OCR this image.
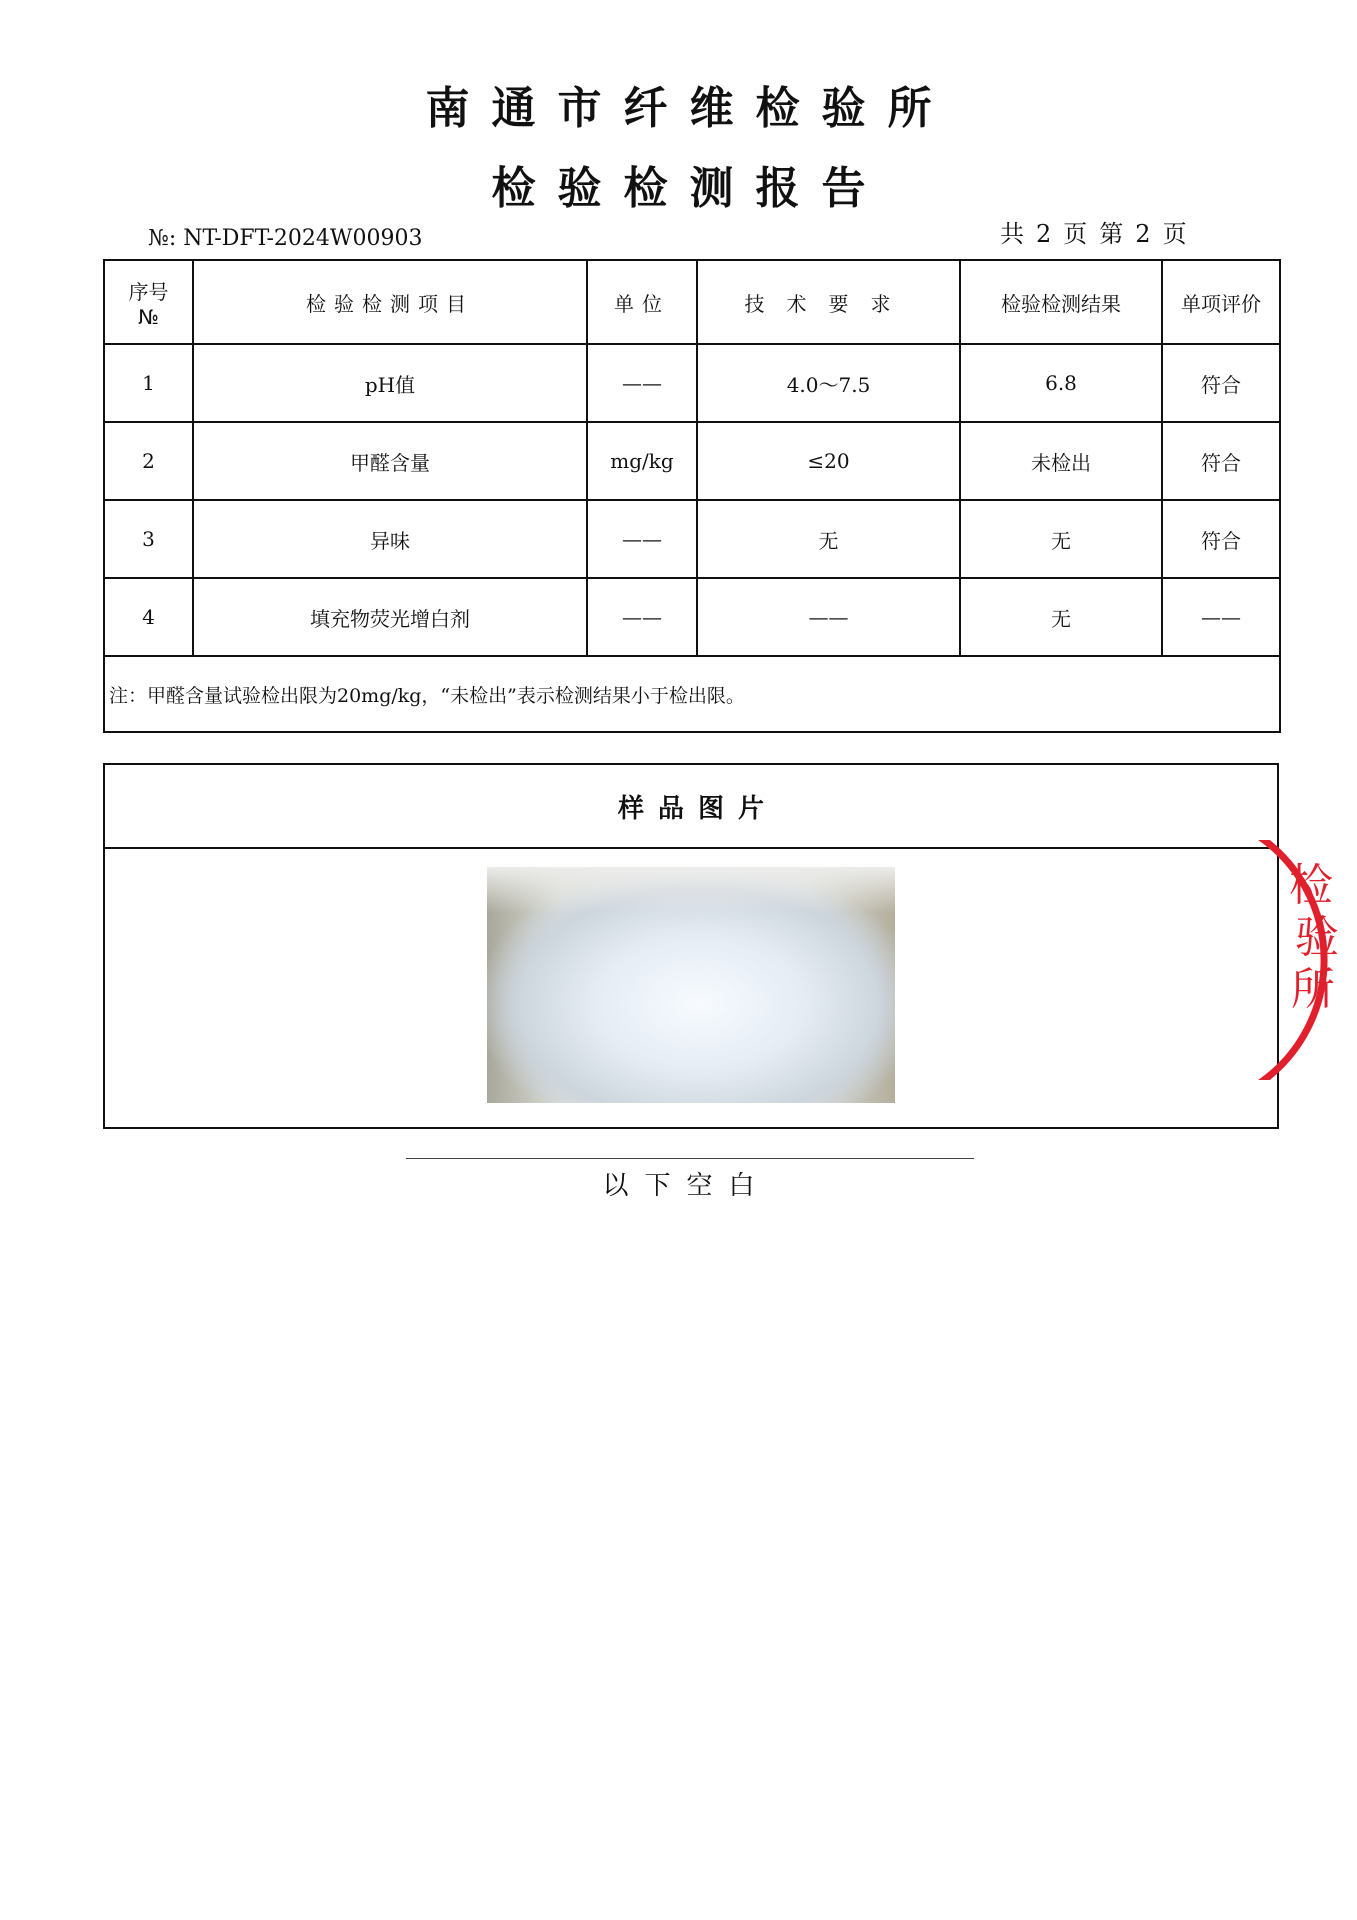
南通市纤维检验所
检验检测报告
№: NT-DFT-2024W00903	共 2 页 第 2 页
序号
№	检验检测项目	单位	技术要求	检验检测结果	单项评价
1	pH值	——	4.0～7.5	6.8	符合
2	甲醛含量	mg/kg	≤20	未检出	符合
3	异味	——	无	无	符合
4	填充物荧光增白剂	——	——	无	——
注：甲醛含量试验检出限为20mg/kg，“未检出”表示检测结果小于检出限。					
样品图片
以下空白
检
验
所
